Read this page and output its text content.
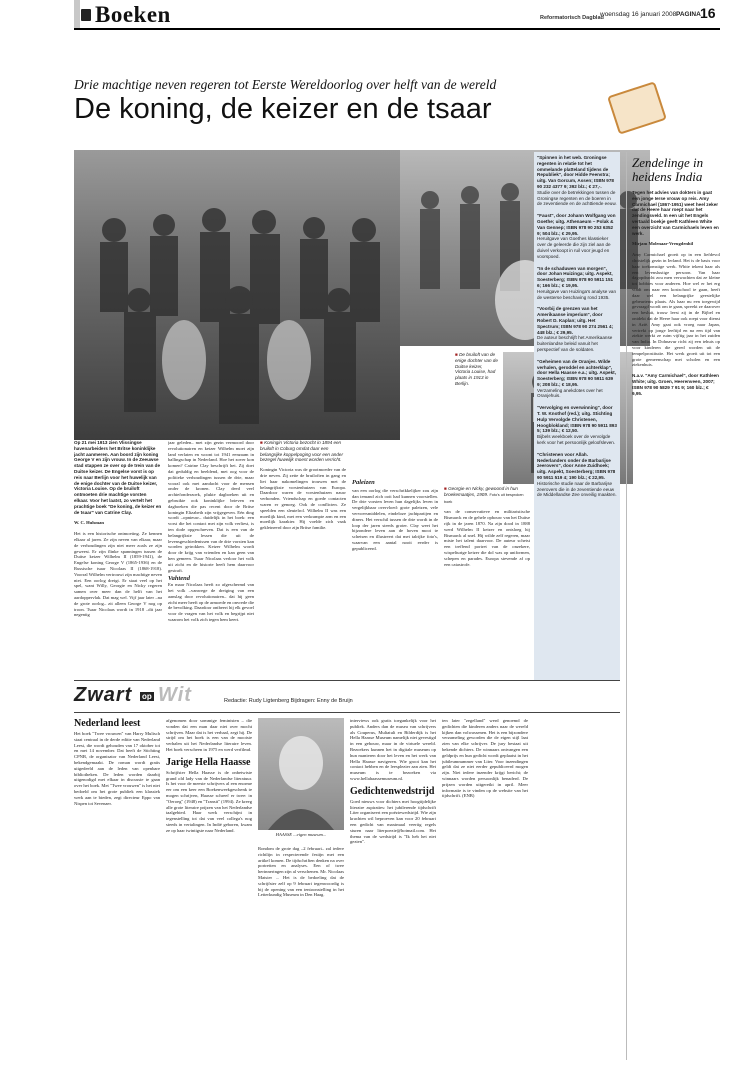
Boeken	Reformatorisch Dagblad
woensdag 16 januari 2008 PAGINA 16
Drie machtige neven regeren tot Eerste Wereldoorlog over helft van de wereld
De koning, de keizer en de tsaar
■ De bruiloft van de enige dochter van de Duitse keizer, Victoria Louise, had plaats in 1913 in Berlijn.

Op 21 mei 1913 zien Vlissingse havenarbeiders het Britse koninklijke jacht aanmeren. Aan boord zijn koning George V en zijn vrouw. In de Zeeuwse stad stappen ze over op de trein van de Duitse keizer. De Engelse vorst is op reis naar Berlijn voor het huwelijk van de enige dochter van de Duitse keizer, Victoria Louise. Op de bruiloft ontmoeten drie machtige vorsten elkaar. Voor het laatst, zo vertelt het prachtige boek "De koning, de keizer en de tsaar" van Catrine Clay.

W. C. Hulsman

Het is een historische ontmoeting. Ze kennen elkaar al jaren. Ze zijn neven van elkaar, maar de verhoudingen zijn niet meer zoals ze zijn geweest. Er zijn flinke spanningen tussen de Duitse keizer Wilhelm II (1859-1941), de Engelse koning George V (1865-1936) en de Russische tsaar Nicolaas II (1868-1918). Voorral Wilhelm vertrouwt zijn machtige neven niet. Een oorlog dreigt. Er staat veel op het spel, want Willy, Georgie en Nicky regeren samen over meer dan de helft van het aardoppervlak. Dat mag wel. Vijf jaar later –na de grote oorlog– zit alleen George V nog op troon. Tsaar Nicolaas wordt in 1918 –dit jaar negentig

jaar geleden– met zijn gezin vermoord door revolutionairen en keizer Wilhelm moet zijn land verlaten en woont tot 1941 eenzaam in ballingschap in Nederland. Hoe het zover kon komen? Catrine Clay beschrijft het. Zij doet dat geduldig en beeldend, met oog voor de politieke verhoudingen tussen de drie, maar vooral ook met aandacht voor de mensen onder de kronen. Clay deed veel archiefonderzoek, plukte dagboeken uit en gebruikte ook koninklijke brieven en dagboeken die pas recent door de Britse koningin Elizabeth zijn vrijgegeven. Eén ding wordt –opnieuw– duidelijk in het boek: een vorst die het contact met zijn volk verliest, is ten dode opgeschreven. Dat is een van de belangrijkste lessen die uit de levensgeschiedenissen van de drie vorsten kan worden getrokken. Keizer Wilhelm wordt door de krijg van vrienden en kan geen van hen gemeen. Tsaar Nicolaas verloor het volk uit zicht en de historie heeft hem daarvoor gestraft.

Vahtend

En maar Nicolaas heeft zo afgeschermd van het volk –vanwege de dreiging van een aanslag door revolutionairen– dat hij geen zicht meer heeft op de armoede en onvrede die de bevolking. Daardoor ontbeert hij elk gevoel voor de vragen van het volk en begrijpt niet waarom het volk zich tegen hem keert.

■ Koningin Victoria bezocht in 1894 een bruiloft in Coburg omdat daar een belangrijke koppelpoging voor een ander bezegel huwelijk moest worden verricht.

Koningin Victoria was de grootmoeder van de drie neven. Zij zette de bruiloften in gang en liet haar nakomelingen trouwen met de belangrijkste vorstenhuizen van Europa. Daardoor waren de vorstenhuizen nauw verbonden. Vriendschap en goede contacten waren er genoeg. Ook de conflicten. Ze speelden een sleutelrol. Wilhelm II was een moeilijk kind, met een verkrampte arm en een moeilijk karakter. Hij voelde zich vaak gekleineerd door zijn Britse familie.

Paleizen

van een oorlog die verschrikkelijker zou zijn dan iemand zich ooit had kunnen voorstellen. De drie vorsten leven hun dagelijks leven in vergelijkbaar overvloed: grote paleizen, vele vervoersmiddelen, eindeloze jachtpartijen en diners. Het verschil tussen de drie wordt in de loop der jaren steeds groter. Clay weet het bijzondere leven aan de hoven mooi te schetsen en illustreert dat met talrijke foto's, waarvan een aantal nooit eerder is gepubliceerd.

■ Georgie en Nicky, gewoond in hun broekemaatjes, 1909. Foto's uit besproken boek

van de conservatieve en militaristische Bismarck en de gehele opbouw van het Duitse rijk in de jaren 1870. Na zijn dood in 1888 werd Wilhelm II keizer en ontsloeg hij Bismarck al snel. Hij wilde zelf regeren, maar miste het talent daarvoor. De auteur schetst een treffend portret van de onzekere, wispelturige keizer die dol was op uniformen, schepen en parades. Europa stevende af op een catastrofe.

"Spinnen in het web. Groningse regenten in relatie tot het ommelande platteland tijdens de Republiek", door Hidde Feenstra; uitg. Van Gorcum, Assen; ISBN 978 90 232 4377 9; 392 blz.; € 27,-.

Studie over de betrekkingen tussen de Groningse regenten en de boeren in de zeventiende en de achttiende eeuw.

"Faust", door Johann Wolfgang von Goethe; uitg. Athenaeum – Polak & Van Gennep; ISBN 978 90 253 6352 9; 504 blz.; € 29,95.

Heruitgave van Goethes klassieker over de geleerde die zijn ziel aan de duivel verkoopt in ruil voor jeugd en voorspoed.

"In de schaduwen van morgen", door Johan Huizinga; uitg. Aspekt, Soesterberg; ISBN 978 90 5911 151 6; 166 blz.; € 19,95.

Heruitgave van Huizinga's analyse van de westerse beschaving rond 1935.

"Voorbij de grenzen van het Amerikaanse imperium", door Robert D. Kaplan; uitg. Het Spectrum; ISBN 978 90 274 2561 4; 448 blz.; € 29,95.

De auteur beschrijft het Amerikaanse buitenlandse beleid vanuit het perspectief van de soldaten.

"Geheimen van de Oranjes. Wilde verhalen, geroddel en achterklap", door Hella Haasse e.a.; uitg. Aspekt, Soesterberg; ISBN 978 90 5911 639 9; 208 blz.; € 18,95.

Verzameling anekdotes over het Oranjehuis.

"Vervolging en overwinning", door T. W. Knothof (red.); uitg. Stichting Hulp Vervolgde Christenen, Hoogblokland; ISBN 978 90 5911 893 5; 139 blz.; € 12,50.

Bijbels weekboek over de vervolgde kerk voor het persoonlijk geloofsleven.

"Christenen voor Allah. Nederlanders onder de Barbarijse zeerovers", door Anne Zuidhoek; uitg. Aspekt, Soesterberg; ISBN 978 90 5911 519 4; 190 blz.; € 22,95.

Historische studie naar de Barbarijse zeerovers die in de zeventiende eeuw de Middellandse Zee onveilig maakten.

Zendelinge in heidens India

Tegen het advies van dokters in gaat een jonge Ierse vrouw op reis. Amy Carmichael (1867-1951) weet heel zeker dat de Heere haar roept naar het zendingsveld. In een uit het Engels vertaald boekje geeft Kathleen White een overzicht van Carmichaels leven en werk.

Mirjam Molenaar-Vreugdenhil

Amy Carmichael groeit op in een liefdevol christelijk gezin in Ierland. Het is de basis voor haar toekomstige werk. White tekent haar als een levenslustige persoon. Van haar dagopdracht zou men verwachten dat ze kleine tot hobbies voor anderen. Hoe wel er het erg vindt om naar een kostschool te gaan, heeft daar wel een belangrijke geestelijke gebeurtenis plaats. Als haar nu een toegewijd gevraagd wordt om te gaan, spreekt ze daarover een besluit, trouw leest zij in de Bijbel en ontdekt dat de Heere haar ook roept voor dienst in Azië. Amy gaat ook vroeg naar Japan, vertrekt op jonge leeftijd en na een tijd van ziekte werkt ze ruim vijftig jaar in het zuiden van India. In Dohnavur richt zij een tehuis op voor kinderen die gered worden uit de tempelprostitutie. Het werk groeit uit tot een grote gemeenschap met scholen en een ziekenhuis.

N.a.v. "Amy Carmichael", door Kathleen White; uitg. Groen, Heerenveen, 2007; ISBN 978 90 5829 7 91 9; 160 blz.; € 9,95.

Zwart op Wit	Redactie: Rudy Ligtenberg Bijdragen: Enny de Bruijn

Nederland leest

Het boek "Twee vrouwen" van Harry Mulisch staat centraal in de derde editie van Nederland Leest, die wordt gehouden van 17 oktober tot en met 14 november. Dat heeft de Stichting CPNB, de organisator van Nederland Leest, bekendgemaakt. De roman wordt gratis uitgedeeld aan de leden van openbare bibliotheken. De leden worden daarbij uitgenodigd met elkaar in discussie te gaan over het boek. Met "Twee vrouwen" is het niet bedoeld om het grote publiek een klassiek werk aan te bieden, zegt directeur Eppo van Nispen tot Sevenaer.

afgenomen door sommige feministen – die vonden dat een man daar niet over mocht schrijven. Maar dat is het verhaal, zegt hij. De strijd om het boek is een van de mooiste verhalen uit het Nederlandse literaire leven. Het boek verscheen in 1975 en werd verfilmd.

Jarige Hella Haasse

Schrijfster Hella Haasse is de onbetwiste grand old lady van de Nederlandse literatuur. Is het voor de meeste schrijvers al een enorme eer om een keer een Boekenweekgeschenk te mogen schrijven, Haasse schreef er twee: in "Oeroeg" (1948) en "Transit" (1994). Ze kreeg alle grote literaire prijzen van het Nederlandse taalgebied. Haar werk verschijnt in tegenstelling tot dat van veel collega's nog steeds in vertalingen. In Indië geboren, kwam ze op haar twintigste naar Nederland.

HAASSE ...eigen museum...

Rondom de grote dag –2 februari– zal iedere richtlijn in respecterende festijn met een artikel komen. De tijdschriften denken na over portretten en analyses. Een of twee herinneringen zijn al verschenen. Mr. Nicolaas Matsier ... Het is de bedoeling dat de schrijfster zelf op 9 februari tegenwoordig is bij de opening van een tentoonstelling in het Letterkundig Museum in Den Haag.

interviews ook gratis toegankelijk voor het publiek. Anders dan de musea van schrijvers als Couperus, Multatuli en Bilderdijk is het Hella Haasse Museum namelijk niet gevestigd in een gebouw, maar in de virtuele wereld. Bezoekers kunnen het in digitale museum op hun manieren door het leven en het werk van Hella Haasse navigeren. Wie groot kan het contact hebben en de leesplezier aan zien. Het museum is te bezoeken via www.hellahaassemuseum.nl.

Gedichtenwedstrijd

Goed nieuws voor dichters met hoogtijdelijke literaire aspiraties: het jubilerende tijdschrift Liter organiseert een poëziewedstrijd. Wie zijn krachten wil beproeven kan voor 20 februari een gedicht van maximaal veertig regels sturen naar literpoezie@hotmail.com. Het thema van de wedstrijd is "Ik heb het niet gezien".

ten later "zegelland" werd genoemd de gedichten die kinderen anders naar de wereld kijken dan volwassenen. Het is een bijzondere verzameling geworden die de eigen stijl laat zien van elke schrijver. De jury bestaat uit bekende dichters. De winnaars ontvangen een geldprijs en hun gedicht wordt geplaatst in het jubileumnummer van Liter. Voor inzendingen geldt dat ze niet eerder gepubliceerd mogen zijn. Niet iedere inzender krijgt bericht; de winnaars worden persoonlijk benaderd. De prijzen worden uitgereikt in april. Meer informatie is te vinden op de website van het tijdschrift. (ENB)
